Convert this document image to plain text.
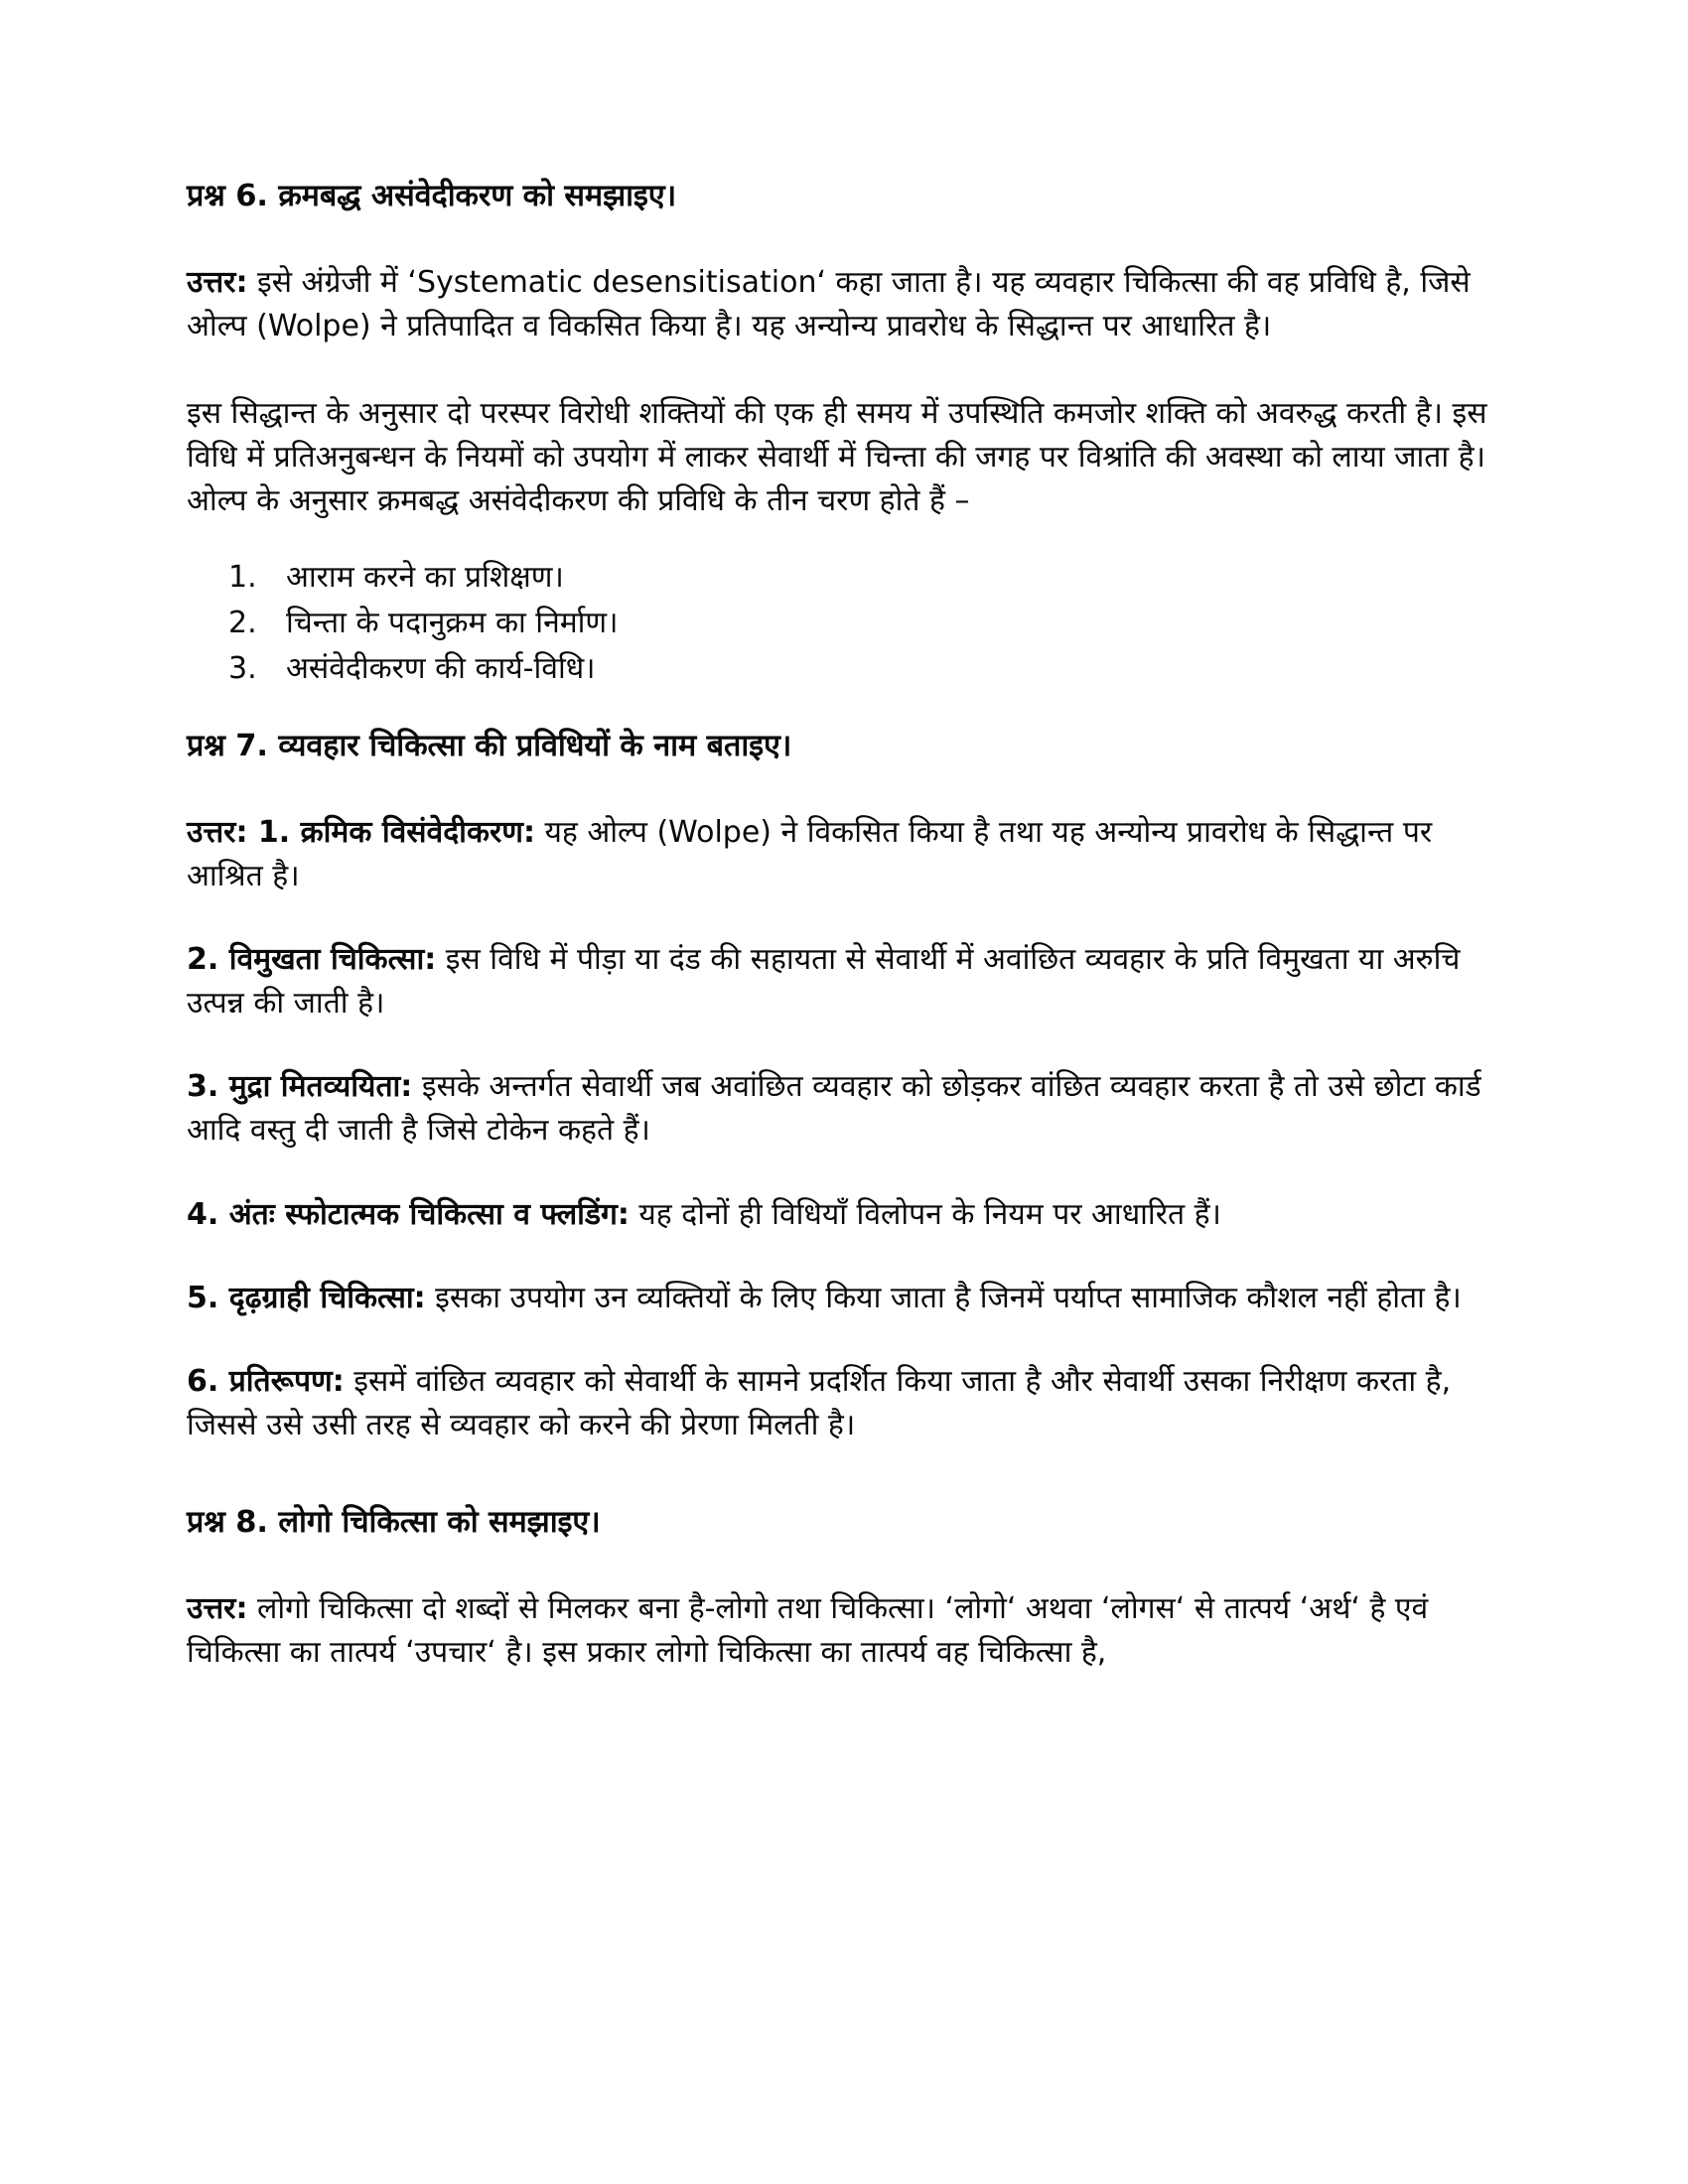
प्रश्न 6. क्रमबद्ध असंवेदीकरण को समझाइए।

उत्तर: इसे अंग्रेजी में ‘Systematic desensitisation‘ कहा जाता है। यह व्यवहार चिकित्सा की वह प्रविधि है, जिसे ओल्प (Wolpe) ने प्रतिपादित व विकसित किया है। यह अन्योन्य प्रावरोध के सिद्धान्त पर आधारित है।

इस सिद्धान्त के अनुसार दो परस्पर विरोधी शक्तियों की एक ही समय में उपस्थिति कमजोर शक्ति को अवरुद्ध करती है। इस विधि में प्रतिअनुबन्धन के नियमों को उपयोग में लाकर सेवार्थी में चिन्ता की जगह पर विश्रांति की अवस्था को लाया जाता है। ओल्प के अनुसार क्रमबद्ध असंवेदीकरण की प्रविधि के तीन चरण होते हैं –

1. आराम करने का प्रशिक्षण।
2. चिन्ता के पदानुक्रम का निर्माण।
3. असंवेदीकरण की कार्य-विधि।
प्रश्न 7. व्यवहार चिकित्सा की प्रविधियों के नाम बताइए।

उत्तर: 1. क्रमिक विसंवेदीकरण: यह ओल्प (Wolpe) ने विकसित किया है तथा यह अन्योन्य प्रावरोध के सिद्धान्त पर आश्रित है।

2. विमुखता चिकित्सा: इस विधि में पीड़ा या दंड की सहायता से सेवार्थी में अवांछित व्यवहार के प्रति विमुखता या अरुचि उत्पन्न की जाती है।

3. मुद्रा मितव्ययिता: इसके अन्तर्गत सेवार्थी जब अवांछित व्यवहार को छोड़कर वांछित व्यवहार करता है तो उसे छोटा कार्ड आदि वस्तु दी जाती है जिसे टोकेन कहते हैं।

4. अंतः स्फोटात्मक चिकित्सा व फ्लडिंग: यह दोनों ही विधियाँ विलोपन के नियम पर आधारित हैं।

5. दृढ़ग्राही चिकित्सा: इसका उपयोग उन व्यक्तियों के लिए किया जाता है जिनमें पर्याप्त सामाजिक कौशल नहीं होता है।

6. प्रतिरूपण: इसमें वांछित व्यवहार को सेवार्थी के सामने प्रदर्शित किया जाता है और सेवार्थी उसका निरीक्षण करता है, जिससे उसे उसी तरह से व्यवहार को करने की प्रेरणा मिलती है।

प्रश्न 8. लोगो चिकित्सा को समझाइए।

उत्तर: लोगो चिकित्सा दो शब्दों से मिलकर बना है-लोगो तथा चिकित्सा। ‘लोगो‘ अथवा ‘लोगस‘ से तात्पर्य ‘अर्थ‘ है एवं चिकित्सा का तात्पर्य ‘उपचार‘ है। इस प्रकार लोगो चिकित्सा का तात्पर्य वह चिकित्सा है,
